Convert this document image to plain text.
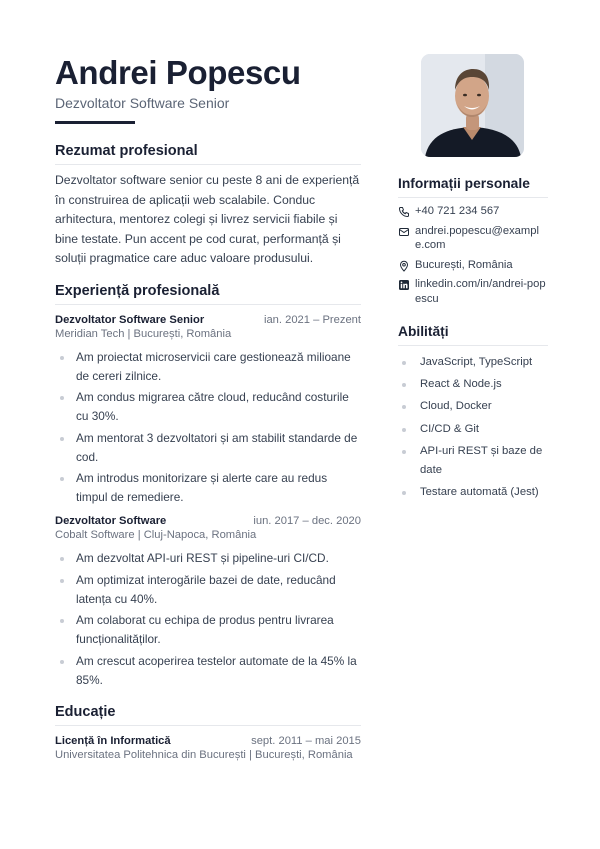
Andrei Popescu
Dezvoltator Software Senior
Rezumat profesional

Dezvoltator software senior cu peste 8 ani de experiență în construirea de aplicații web scalabile. Conduc arhitectura, mentorez colegi și livrez servicii fiabile și bine testate. Pun accent pe cod curat, performanță și soluții pragmatice care aduc valoare produsului.

Experiență profesională
Dezvoltator Software Senior	ian. 2021 – Prezent
Meridian Tech | București, România
Am proiectat microservicii care gestionează milioane de cereri zilnice.
Am condus migrarea către cloud, reducând costurile cu 30%.
Am mentorat 3 dezvoltatori și am stabilit standarde de cod.
Am introdus monitorizare și alerte care au redus timpul de remediere.
Dezvoltator Software	iun. 2017 – dec. 2020
Cobalt Software | Cluj-Napoca, România
Am dezvoltat API-uri REST și pipeline-uri CI/CD.
Am optimizat interogările bazei de date, reducând latența cu 40%.
Am colaborat cu echipa de produs pentru livrarea funcționalităților.
Am crescut acoperirea testelor automate de la 45% la 85%.
Educație
Licență în Informatică	sept. 2011 – mai 2015
Universitatea Politehnica din București | București, România
Informații personale
+40 721 234 567
andrei.popescu@example.com
București, România
linkedin.com/in/andrei-popescu
Abilități
JavaScript, TypeScript
React & Node.js
Cloud, Docker
CI/CD & Git
API-uri REST și baze de date
Testare automată (Jest)
